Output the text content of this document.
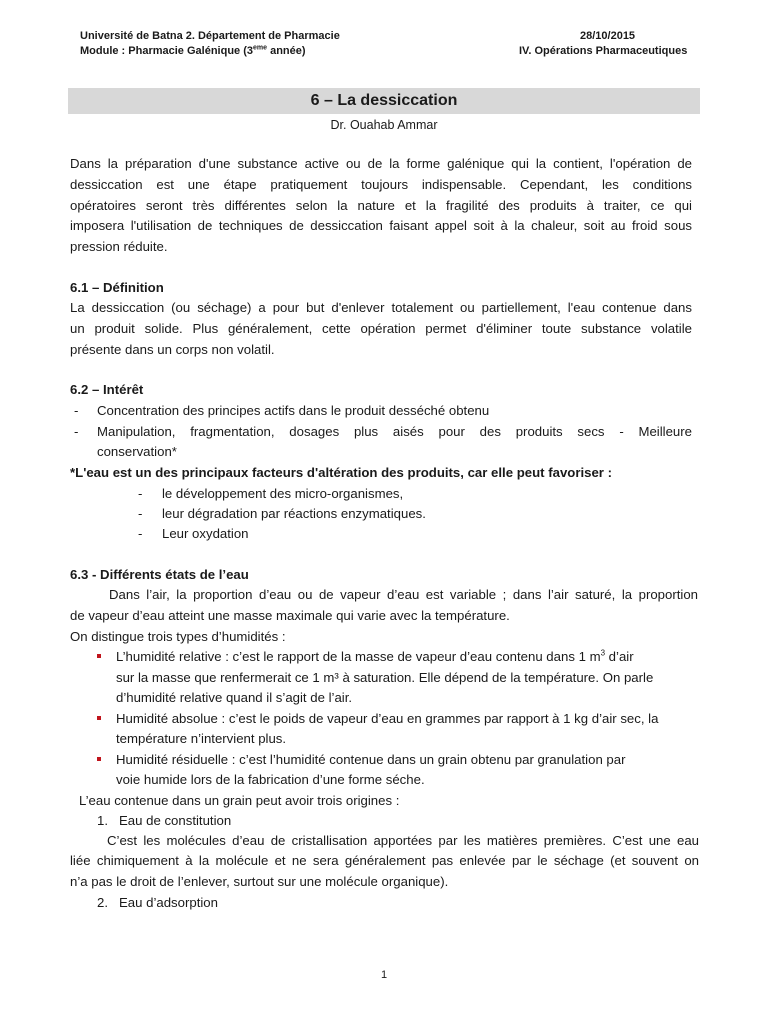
Université de Batna 2. Département de Pharmacie	28/10/2015
Module : Pharmacie Galénique (3eme année)	IV. Opérations Pharmaceutiques
6 – La dessiccation
Dr. Ouahab Ammar
Dans la préparation d'une substance active ou de la forme galénique qui la contient, l'opération de
dessiccation est une étape pratiquement toujours indispensable. Cependant, les conditions
opératoires seront très différentes selon la nature et la fragilité des produits à traiter, ce qui
imposera l'utilisation de techniques de dessiccation faisant appel soit à la chaleur, soit au froid sous
pression réduite.
6.1 – Définition
La dessiccation (ou séchage) a pour but d'enlever totalement ou partiellement, l'eau contenue dans
un produit solide. Plus généralement, cette opération permet d'éliminer toute substance volatile
présente dans un corps non volatil.
6.2 – Intérêt
- Concentration des principes actifs dans le produit desséché obtenu
- Manipulation, fragmentation, dosages plus aisés pour des produits secs - Meilleure
conservation*
*L'eau est un des principaux facteurs d'altération des produits, car elle peut favoriser :
- le développement des micro-organismes,
- leur dégradation par réactions enzymatiques.
- Leur oxydation
6.3 - Différents états de l’eau
Dans l’air, la proportion d’eau ou de vapeur d’eau est variable ; dans l’air saturé, la proportion
de vapeur d’eau atteint une masse maximale qui varie avec la température.
On distingue trois types d’humidités :
L’humidité relative : c’est le rapport de la masse de vapeur d’eau contenu dans 1 $m^3$ d’air
sur la masse que renfermerait ce 1 m³ à saturation. Elle dépend de la température. On parle
d’humidité relative quand il s’agit de l’air.
Humidité absolue : c’est le poids de vapeur d’eau en grammes par rapport à 1 kg d’air sec, la
température n’intervient plus.
Humidité résiduelle : c’est l’humidité contenue dans un grain obtenu par granulation par
voie humide lors de la fabrication d’une forme séche.
L’eau contenue dans un grain peut avoir trois origines :
1. Eau de constitution
C’est les molécules d’eau de cristallisation apportées par les matières premières. C’est une eau
liée chimiquement à la molécule et ne sera généralement pas enlevée par le séchage (et souvent on
n’a pas le droit de l’enlever, surtout sur une molécule organique).
2. Eau d’adsorption
1
